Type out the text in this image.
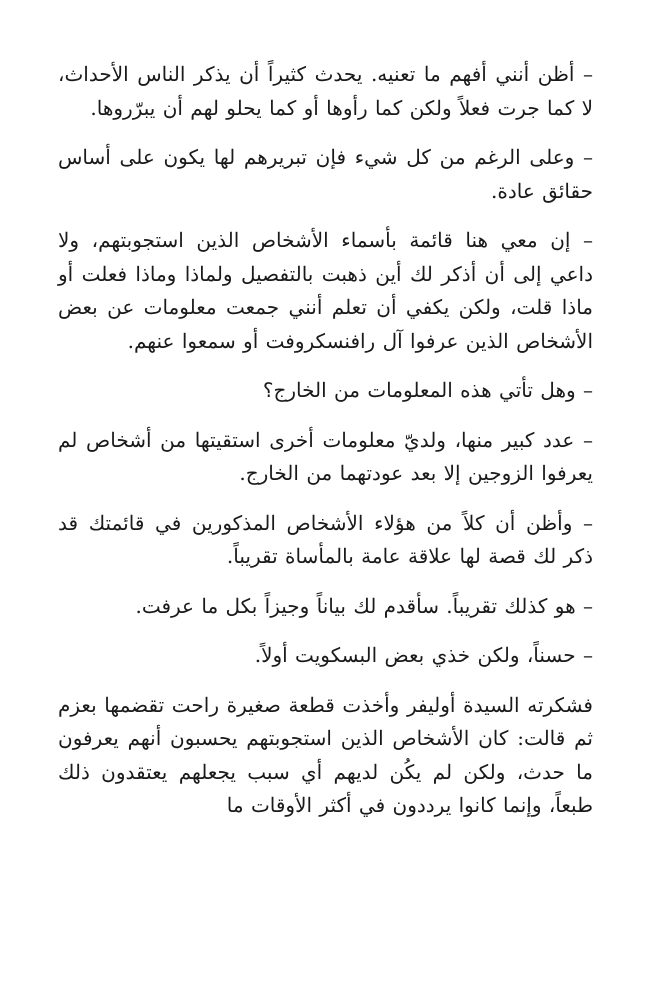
– أظن أنني أفهم ما تعنيه. يحدث كثيراً أن يذكر الناس الأحداث، لا كما جرت فعلاً ولكن كما رأوها أو كما يحلو لهم أن يبرّروها.

– وعلى الرغم من كل شيء فإن تبريرهم لها يكون على أساس حقائق عادة.

– إن معي هنا قائمة بأسماء الأشخاص الذين استجوبتهم، ولا داعي إلى أن أذكر لك أين ذهبت بالتفصيل ولماذا وماذا فعلت أو ماذا قلت، ولكن يكفي أن تعلم أنني جمعت معلومات عن بعض الأشخاص الذين عرفوا آل رافنسكروفت أو سمعوا عنهم.

– وهل تأتي هذه المعلومات من الخارج؟

– عدد كبير منها، ولديّ معلومات أخرى استقيتها من أشخاص لم يعرفوا الزوجين إلا بعد عودتهما من الخارج.

– وأظن أن كلاً من هؤلاء الأشخاص المذكورين في قائمتك قد ذكر لك قصة لها علاقة عامة بالمأساة تقريباً.

– هو كذلك تقريباً. سأقدم لك بياناً وجيزاً بكل ما عرفت.

– حسناً، ولكن خذي بعض البسكويت أولاً.

فشكرته السيدة أوليفر وأخذت قطعة صغيرة راحت تقضمها بعزم ثم قالت: كان الأشخاص الذين استجوبتهم يحسبون أنهم يعرفون ما حدث، ولكن لم يكُن لديهم أي سبب يجعلهم يعتقدون ذلك طبعاً، وإنما كانوا يرددون في أكثر الأوقات ما
